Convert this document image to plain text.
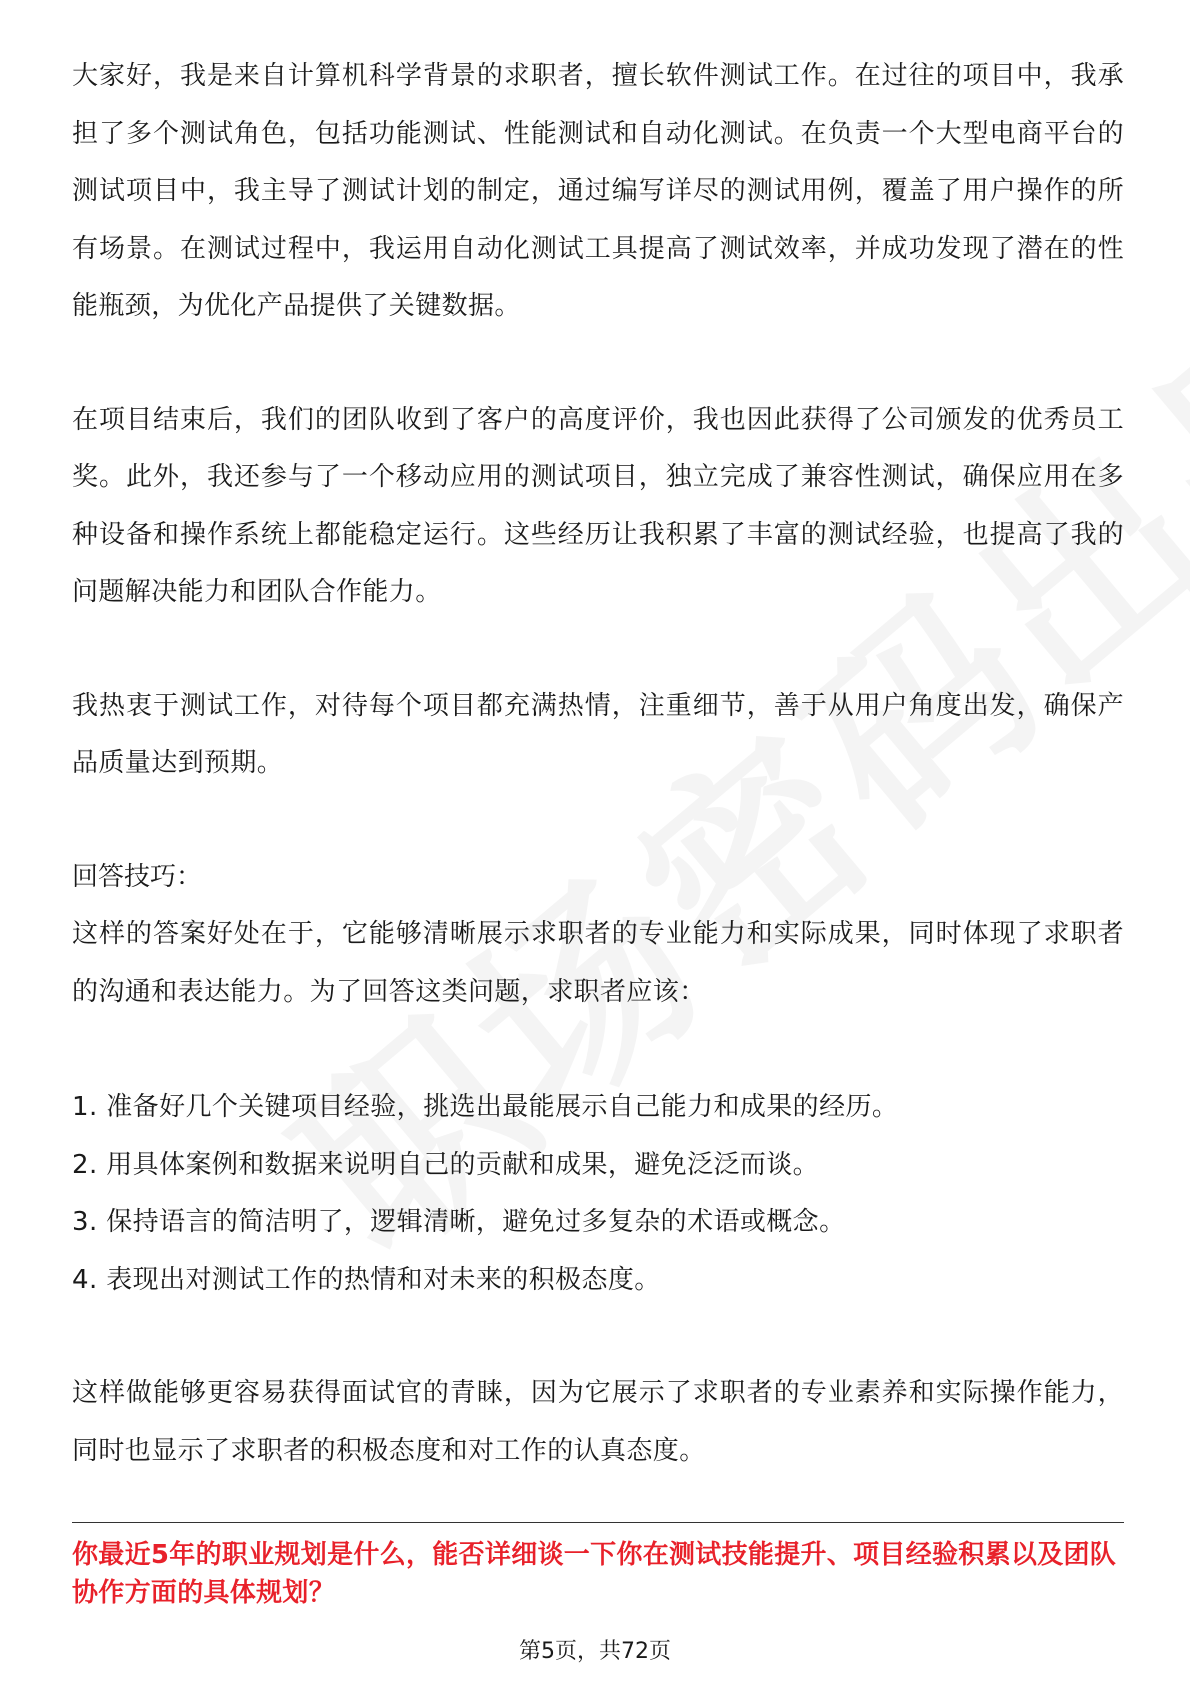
大家好，我是来自计算机科学背景的求职者，擅长软件测试工作。在过往的项目中，我承担了多个测试角色，包括功能测试、性能测试和自动化测试。在负责一个大型电商平台的测试项目中，我主导了测试计划的制定，通过编写详尽的测试用例，覆盖了用户操作的所有场景。在测试过程中，我运用自动化测试工具提高了测试效率，并成功发现了潜在的性能瓶颈，为优化产品提供了关键数据。

在项目结束后，我们的团队收到了客户的高度评价，我也因此获得了公司颁发的优秀员工奖。此外，我还参与了一个移动应用的测试项目，独立完成了兼容性测试，确保应用在多种设备和操作系统上都能稳定运行。这些经历让我积累了丰富的测试经验，也提高了我的问题解决能力和团队合作能力。

我热衷于测试工作，对待每个项目都充满热情，注重细节，善于从用户角度出发，确保产品质量达到预期。

回答技巧：

这样的答案好处在于，它能够清晰展示求职者的专业能力和实际成果，同时体现了求职者的沟通和表达能力。为了回答这类问题，求职者应该：

1. 准备好几个关键项目经验，挑选出最能展示自己能力和成果的经历。
2. 用具体案例和数据来说明自己的贡献和成果，避免泛泛而谈。
3. 保持语言的简洁明了，逻辑清晰，避免过多复杂的术语或概念。
4. 表现出对测试工作的热情和对未来的积极态度。

这样做能够更容易获得面试官的青睐，因为它展示了求职者的专业素养和实际操作能力，同时也显示了求职者的积极态度和对工作的认真态度。

你最近5年的职业规划是什么，能否详细谈一下你在测试技能提升、项目经验积累以及团队协作方面的具体规划？

第5页，共72页
